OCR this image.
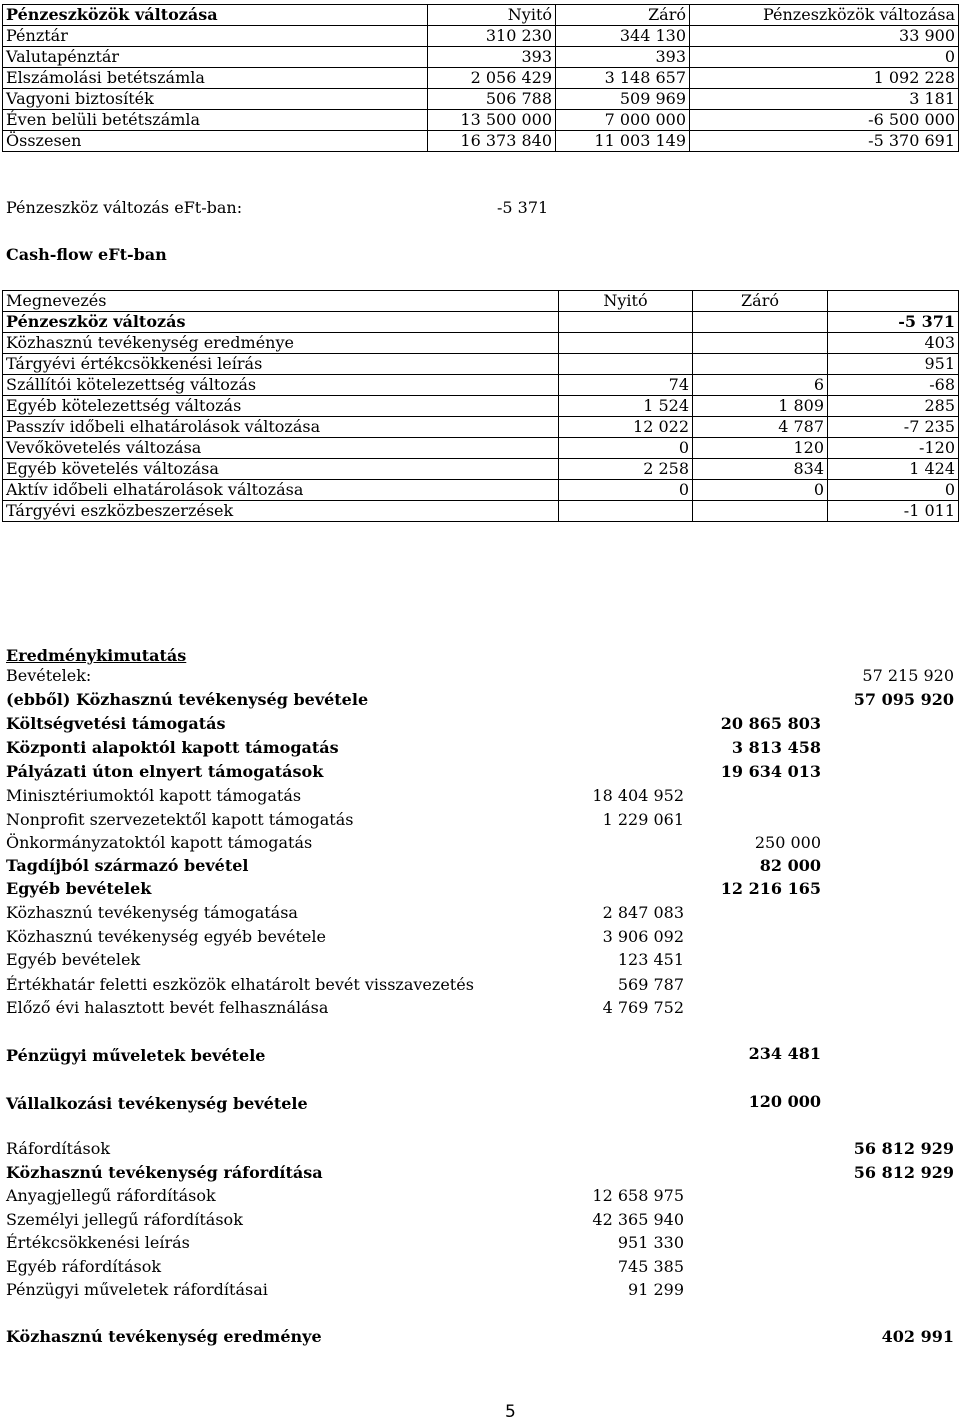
Pénzeszközök változása	Nyitó	Záró	Pénzeszközök változása
Pénztár	310 230	344 130	33 900
Valutapénztár	393	393	0
Elszámolási betétszámla	2 056 429	3 148 657	1 092 228
Vagyoni biztosíték	506 788	509 969	3 181
Éven belüli betétszámla	13 500 000	7 000 000	-6 500 000
Összesen	16 373 840	11 003 149	-5 370 691
Pénzeszköz változás eFt-ban:	-5 371
Cash-flow eFt-ban
Megnevezés	Nyitó	Záró	
Pénzeszköz változás			-5 371
Közhasznú tevékenység eredménye			403
Tárgyévi értékcsökkenési leírás			951
Szállítói kötelezettség változás	74	6	-68
Egyéb kötelezettség változás	1 524	1 809	285
Passzív időbeli elhatárolások változása	12 022	4 787	-7 235
Vevőkövetelés változása	0	120	-120
Egyéb követelés változása	2 258	834	1 424
Aktív időbeli elhatárolások változása	0	0	0
Tárgyévi eszközbeszerzések			-1 011
Eredménykimutatás
Bevételek:	57 215 920
(ebből) Közhasznú tevékenység bevétele	57 095 920
Költségvetési támogatás	20 865 803
Központi alapoktól kapott támogatás	3 813 458
Pályázati úton elnyert támogatások	19 634 013
Minisztériumoktól kapott támogatás	18 404 952
Nonprofit szervezetektől kapott támogatás	1 229 061
Önkormányzatoktól kapott támogatás	250 000
Tagdíjból származó bevétel	82 000
Egyéb bevételek	12 216 165
Közhasznú tevékenység támogatása	2 847 083
Közhasznú tevékenység egyéb bevétele	3 906 092
Egyéb bevételek	123 451
Értékhatár feletti eszközök elhatárolt bevét visszavezetés	569 787
Előző évi halasztott bevét felhasználása	4 769 752
Pénzügyi műveletek bevétele	234 481
Vállalkozási tevékenység bevétele	120 000
Ráfordítások	56 812 929
Közhasznú tevékenység ráfordítása	56 812 929
Anyagjellegű ráfordítások	12 658 975
Személyi jellegű ráfordítások	42 365 940
Értékcsökkenési leírás	951 330
Egyéb ráfordítások	745 385
Pénzügyi műveletek ráfordításai	91 299
Közhasznú tevékenység eredménye	402 991
5
